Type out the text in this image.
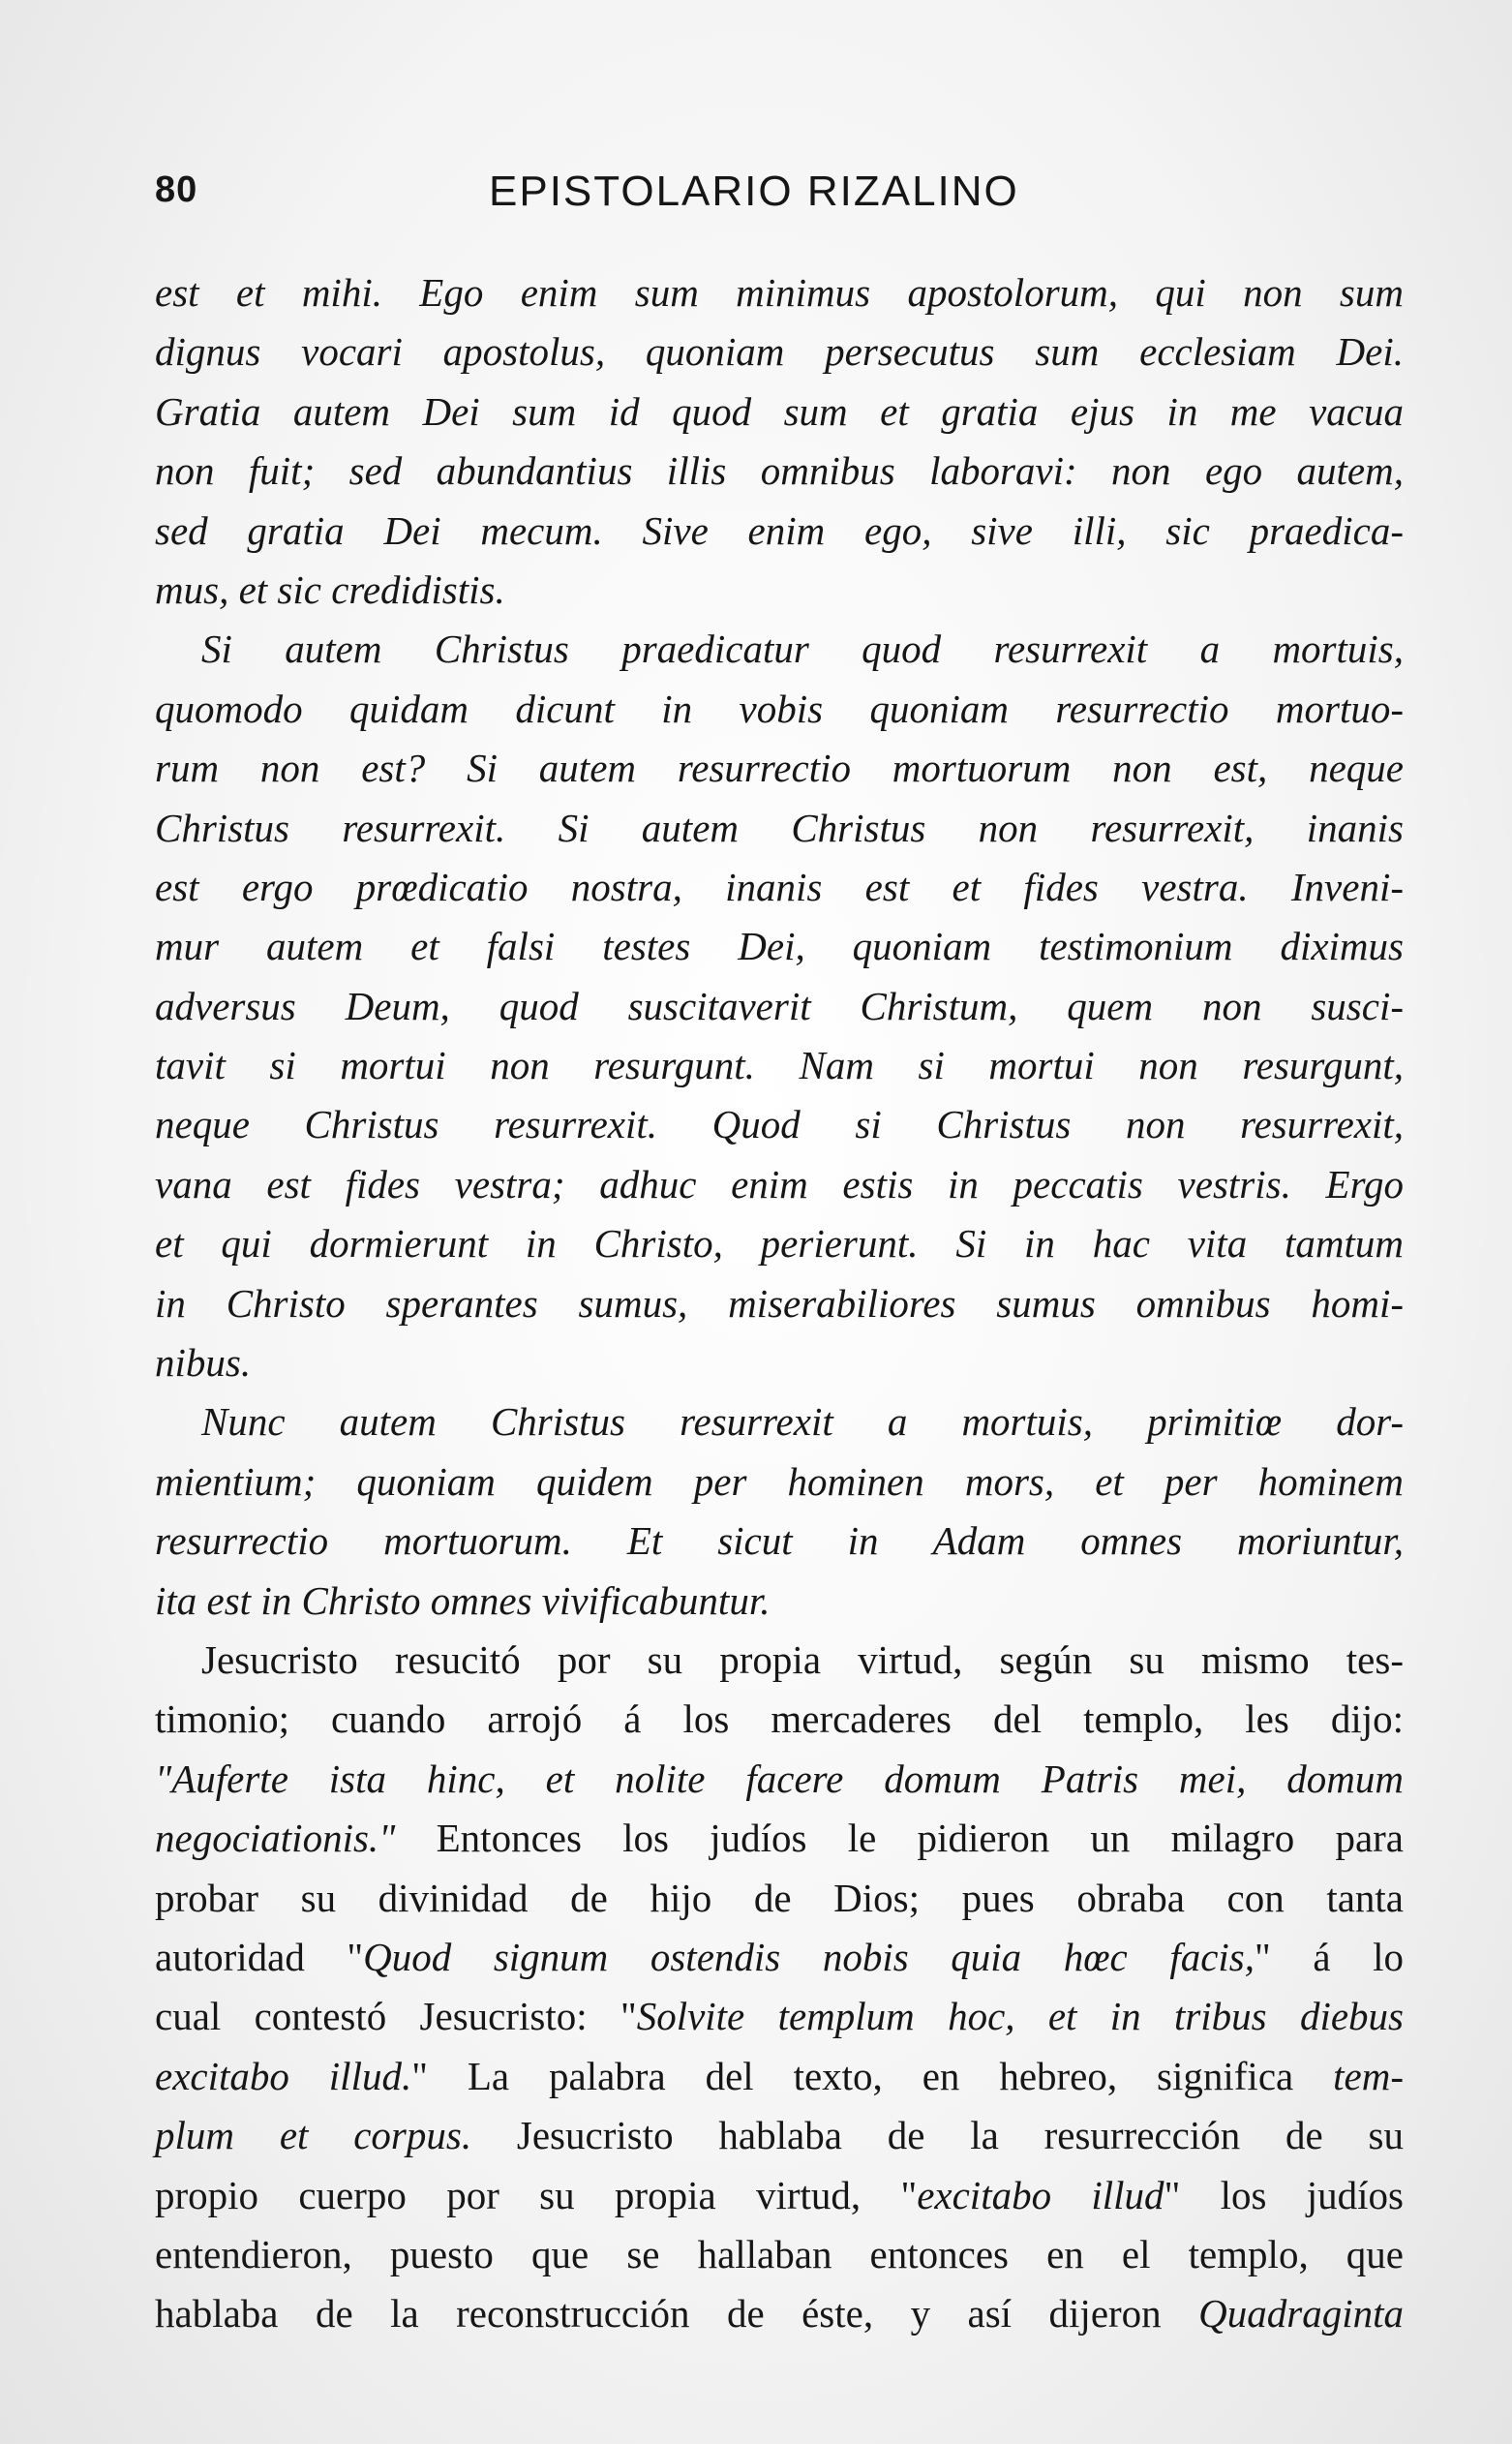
80	EPISTOLARIO RIZALINO
est et mihi. Ego enim sum minimus apostolorum, qui non sum
dignus vocari apostolus, quoniam persecutus sum ecclesiam Dei.
Gratia autem Dei sum id quod sum et gratia ejus in me vacua
non fuit; sed abundantius illis omnibus laboravi: non ego autem,
sed gratia Dei mecum. Sive enim ego, sive illi, sic praedica-
mus, et sic credidistis.
Si autem Christus praedicatur quod resurrexit a mortuis,
quomodo quidam dicunt in vobis quoniam resurrectio mortuo-
rum non est? Si autem resurrectio mortuorum non est, neque
Christus resurrexit. Si autem Christus non resurrexit, inanis
est ergo prœdicatio nostra, inanis est et fides vestra. Inveni-
mur autem et falsi testes Dei, quoniam testimonium diximus
adversus Deum, quod suscitaverit Christum, quem non susci-
tavit si mortui non resurgunt. Nam si mortui non resurgunt,
neque Christus resurrexit. Quod si Christus non resurrexit,
vana est fides vestra; adhuc enim estis in peccatis vestris. Ergo
et qui dormierunt in Christo, perierunt. Si in hac vita tamtum
in Christo sperantes sumus, miserabiliores sumus omnibus homi-
nibus.
Nunc autem Christus resurrexit a mortuis, primitiœ dor-
mientium; quoniam quidem per hominen mors, et per hominem
resurrectio mortuorum. Et sicut in Adam omnes moriuntur,
ita est in Christo omnes vivificabuntur.
Jesucristo resucitó por su propia virtud, según su mismo tes-
timonio; cuando arrojó á los mercaderes del templo, les dijo:
"Auferte ista hinc, et nolite facere domum Patris mei, domum
negociationis." Entonces los judíos le pidieron un milagro para
probar su divinidad de hijo de Dios; pues obraba con tanta
autoridad "Quod signum ostendis nobis quia hœc facis," á lo
cual contestó Jesucristo: "Solvite templum hoc, et in tribus diebus
excitabo illud." La palabra del texto, en hebreo, significa tem-
plum et corpus. Jesucristo hablaba de la resurrección de su
propio cuerpo por su propia virtud, "excitabo illud" los judíos
entendieron, puesto que se hallaban entonces en el templo, que
hablaba de la reconstrucción de éste, y así dijeron Quadraginta
